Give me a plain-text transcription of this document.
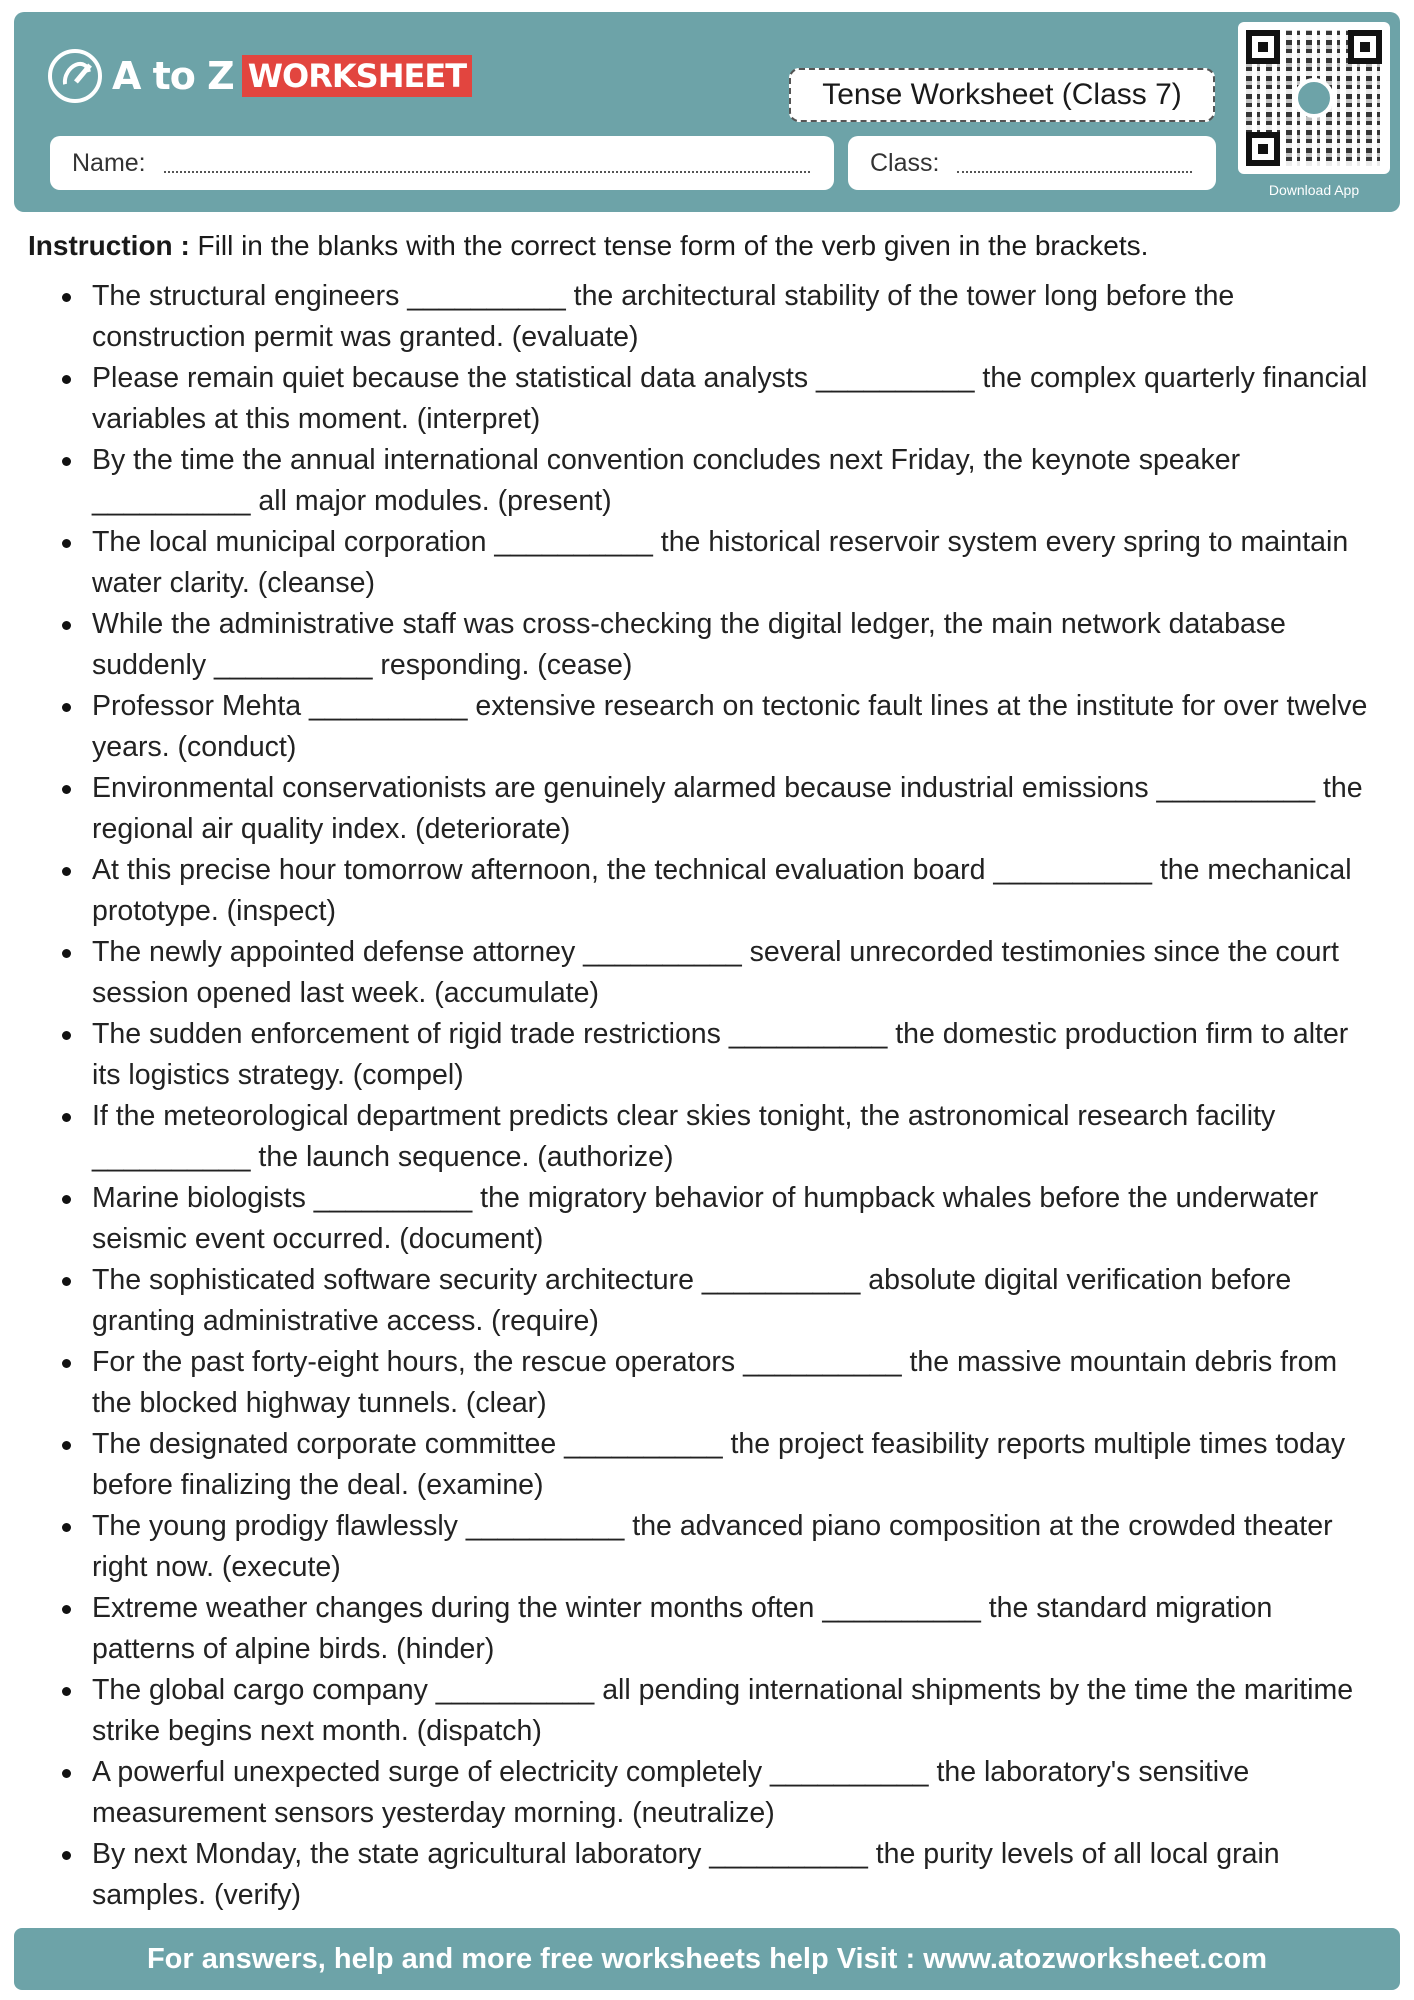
A to Z WORKSHEET	Tense Worksheet (Class 7)
Name:	Class:
Download App
Instruction : Fill in the blanks with the correct tense form of the verb given in the brackets.
The structural engineers __________ the architectural stability of the tower long before the construction permit was granted. (evaluate)
Please remain quiet because the statistical data analysts __________ the complex quarterly financial variables at this moment. (interpret)
By the time the annual international convention concludes next Friday, the keynote speaker __________ all major modules. (present)
The local municipal corporation __________ the historical reservoir system every spring to maintain water clarity. (cleanse)
While the administrative staff was cross-checking the digital ledger, the main network database suddenly __________ responding. (cease)
Professor Mehta __________ extensive research on tectonic fault lines at the institute for over twelve years. (conduct)
Environmental conservationists are genuinely alarmed because industrial emissions __________ the regional air quality index. (deteriorate)
At this precise hour tomorrow afternoon, the technical evaluation board __________ the mechanical prototype. (inspect)
The newly appointed defense attorney __________ several unrecorded testimonies since the court session opened last week. (accumulate)
The sudden enforcement of rigid trade restrictions __________ the domestic production firm to alter its logistics strategy. (compel)
If the meteorological department predicts clear skies tonight, the astronomical research facility __________ the launch sequence. (authorize)
Marine biologists __________ the migratory behavior of humpback whales before the underwater seismic event occurred. (document)
The sophisticated software security architecture __________ absolute digital verification before granting administrative access. (require)
For the past forty-eight hours, the rescue operators __________ the massive mountain debris from the blocked highway tunnels. (clear)
The designated corporate committee __________ the project feasibility reports multiple times today before finalizing the deal. (examine)
The young prodigy flawlessly __________ the advanced piano composition at the crowded theater right now. (execute)
Extreme weather changes during the winter months often __________ the standard migration patterns of alpine birds. (hinder)
The global cargo company __________ all pending international shipments by the time the maritime strike begins next month. (dispatch)
A powerful unexpected surge of electricity completely __________ the laboratory's sensitive measurement sensors yesterday morning. (neutralize)
By next Monday, the state agricultural laboratory __________ the purity levels of all local grain samples. (verify)
For answers, help and more free worksheets help Visit : www.atozworksheet.com
